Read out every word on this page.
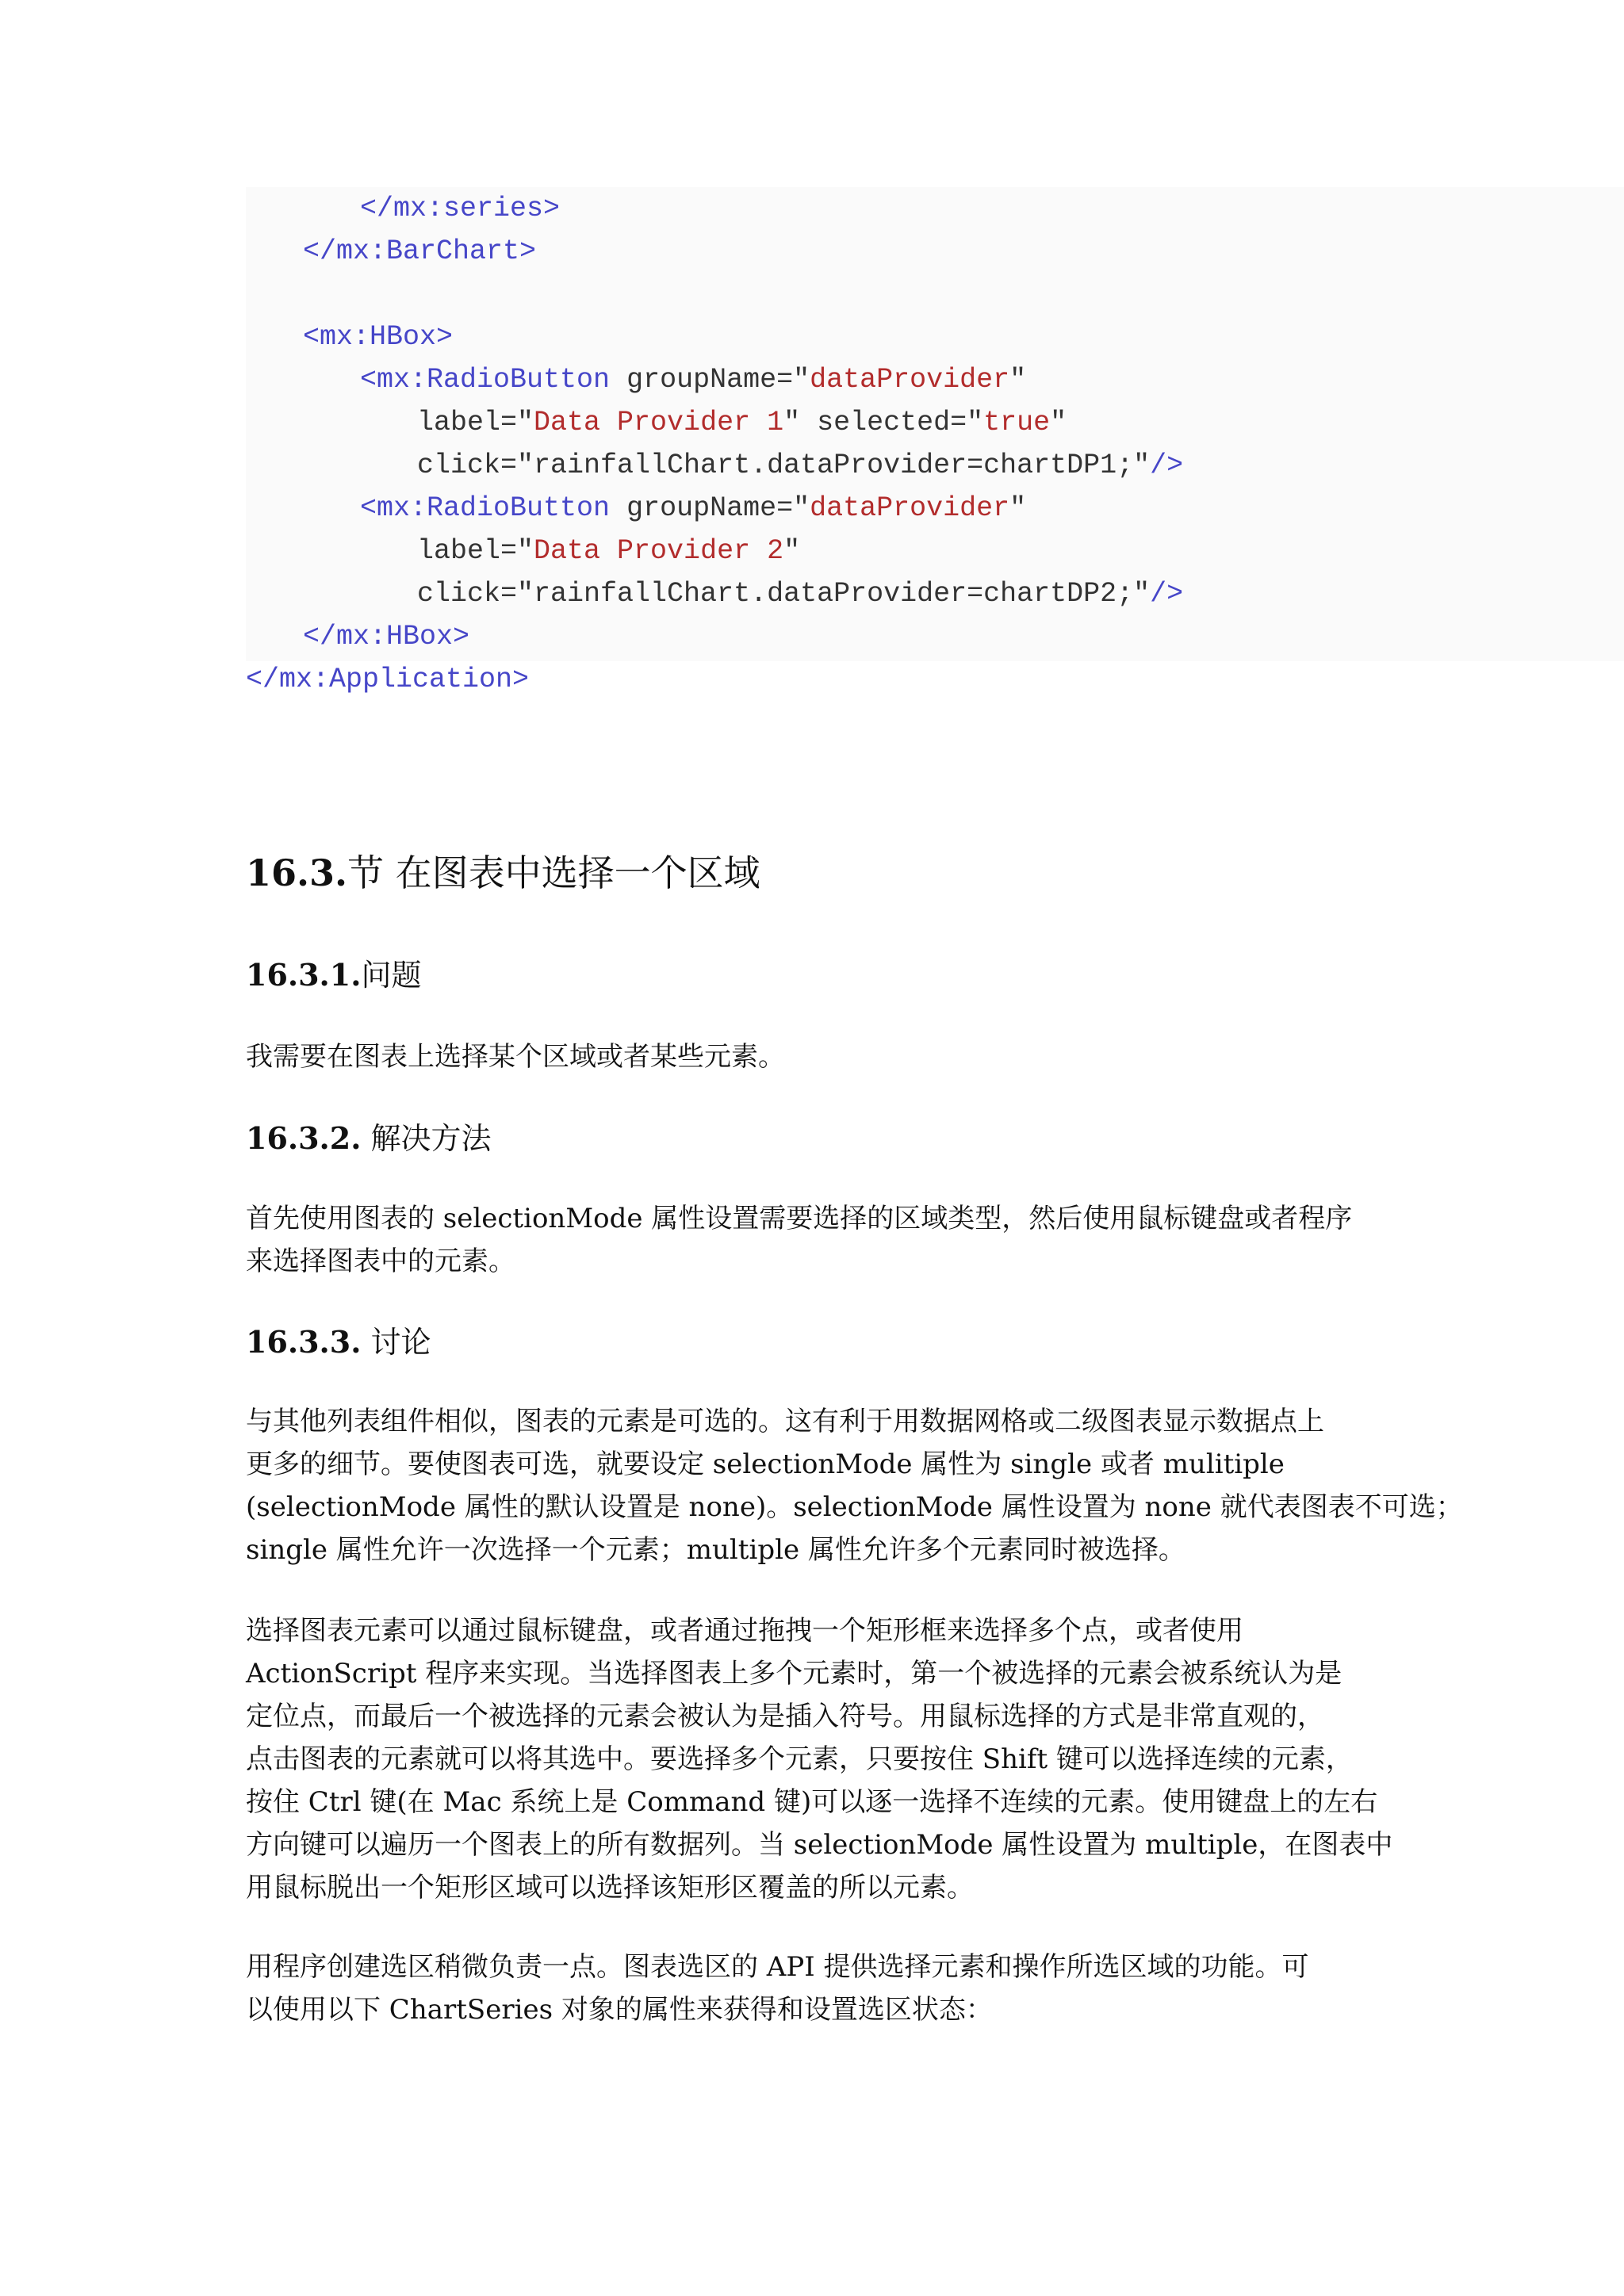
</mx:series>
</mx:BarChart>
<mx:HBox>
<mx:RadioButton groupName="dataProvider"
label="Data Provider 1" selected="true"
click="rainfallChart.dataProvider=chartDP1;"/>
<mx:RadioButton groupName="dataProvider"
label="Data Provider 2"
click="rainfallChart.dataProvider=chartDP2;"/>
</mx:HBox>
</mx:Application>
16.3.节 在图表中选择一个区域
16.3.1.问题
我需要在图表上选择某个区域或者某些元素。
16.3.2. 解决方法
首先使用图表的 selectionMode 属性设置需要选择的区域类型，然后使用鼠标键盘或者程序
来选择图表中的元素。
16.3.3. 讨论
与其他列表组件相似，图表的元素是可选的。这有利于用数据网格或二级图表显示数据点上
更多的细节。要使图表可选，就要设定 selectionMode 属性为 single 或者 mulitiple
(selectionMode 属性的默认设置是 none)。selectionMode 属性设置为 none 就代表图表不可选；
single 属性允许一次选择一个元素；multiple 属性允许多个元素同时被选择。
选择图表元素可以通过鼠标键盘，或者通过拖拽一个矩形框来选择多个点，或者使用
ActionScript 程序来实现。当选择图表上多个元素时，第一个被选择的元素会被系统认为是
定位点，而最后一个被选择的元素会被认为是插入符号。用鼠标选择的方式是非常直观的，
点击图表的元素就可以将其选中。要选择多个元素，只要按住 Shift 键可以选择连续的元素，
按住 Ctrl 键(在 Mac 系统上是 Command 键)可以逐一选择不连续的元素。使用键盘上的左右
方向键可以遍历一个图表上的所有数据列。当 selectionMode 属性设置为 multiple，在图表中
用鼠标脱出一个矩形区域可以选择该矩形区覆盖的所以元素。
用程序创建选区稍微负责一点。图表选区的 API 提供选择元素和操作所选区域的功能。可
以使用以下 ChartSeries 对象的属性来获得和设置选区状态：
